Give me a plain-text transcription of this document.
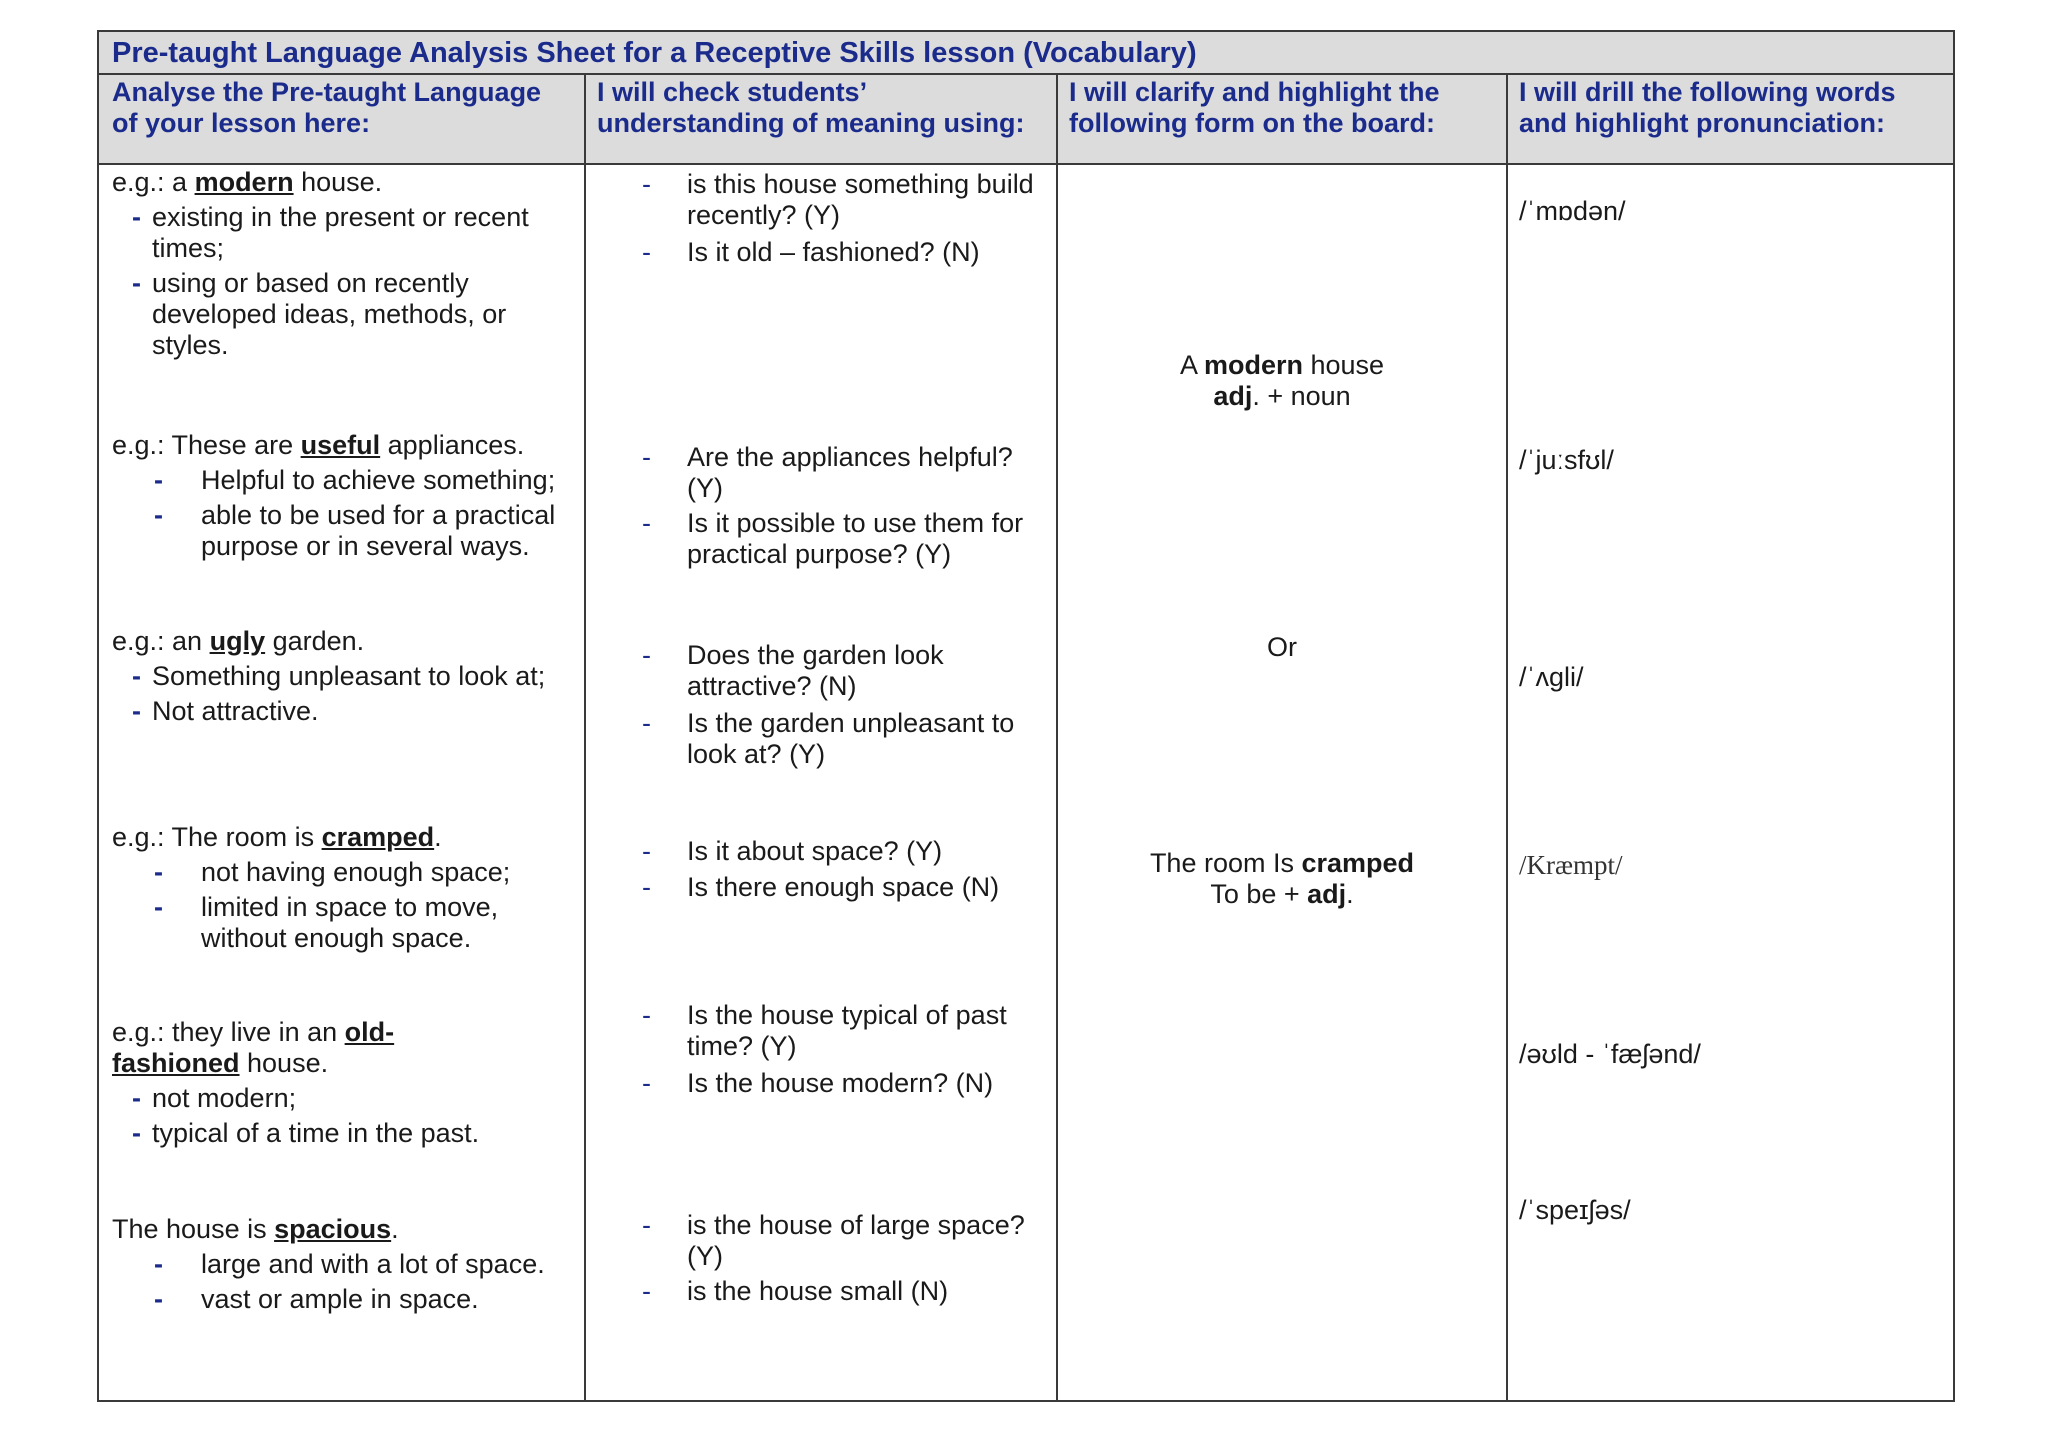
Pre-taught Language Analysis Sheet for a Receptive Skills lesson (Vocabulary)
Analyse the Pre-taught Language
of your lesson here:
I will check students’
understanding of meaning using:
I will clarify and highlight the
following form on the board:
I will drill the following words
and highlight pronunciation:
e.g.: a modern house.
- existing in the present or recent times;
- using or based on recently developed ideas, methods, or styles.
e.g.: These are useful appliances.
- Helpful to achieve something;
- able to be used for a practical purpose or in several ways.
e.g.: an ugly garden.
- Something unpleasant to look at;
- Not attractive.
e.g.: The room is cramped.
- not having enough space;
- limited in space to move, without enough space.
e.g.: they live in an old-fashioned house.
- not modern;
- typical of a time in the past.
The house is spacious.
- large and with a lot of space.
- vast or ample in space.
- is this house something build recently? (Y)
- Is it old – fashioned? (N)
- Are the appliances helpful? (Y)
- Is it possible to use them for practical purpose? (Y)
- Does the garden look attractive? (N)
- Is the garden unpleasant to look at? (Y)
- Is it about space? (Y)
- Is there enough space (N)
- Is the house typical of past time? (Y)
- Is the house modern? (N)
- is the house of large space? (Y)
- is the house small (N)
A modern house
adj. + noun
Or
The room Is cramped
To be + adj.
/ˈmɒdən/
/ˈjuːsfʊl/
/ˈʌgli/
/Kræmpt/
/əʊld - ˈfæʃənd/
/ˈspeɪʃəs/
